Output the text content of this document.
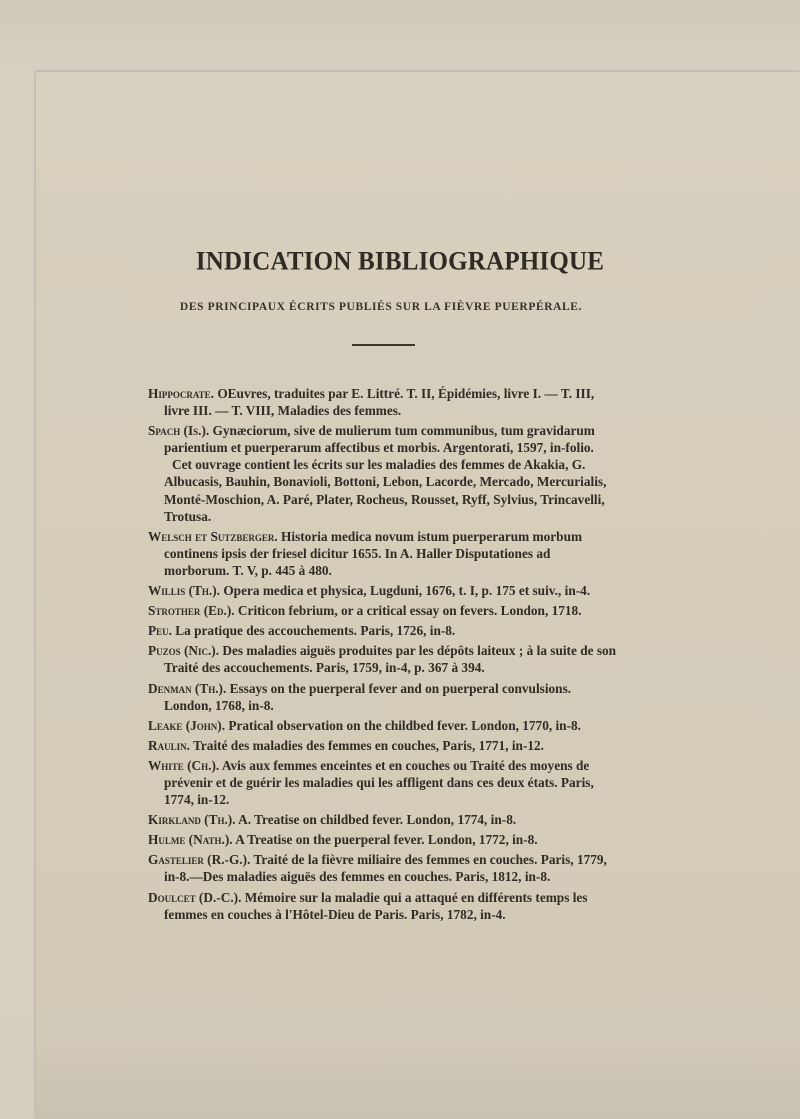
INDICATION BIBLIOGRAPHIQUE
DES PRINCIPAUX ÉCRITS PUBLIÉS SUR LA FIÈVRE PUERPÉRALE.
Hippocrate. OEuvres, traduites par E. Littré. T. II, Épidémies, livre I. — T. III, livre III. — T. VIII, Maladies des femmes.
Spach (Is.). Gynæciorum, sive de mulierum tum communibus, tum gravidarum parientium et puerperarum affectibus et morbis. Argentorati, 1597, in-folio.
Cet ouvrage contient les écrits sur les maladies des femmes de Akakia, G. Albucasis, Bauhin, Bonavioli, Bottoni, Lebon, Lacorde, Mercado, Mercurialis, Monté-Moschion, A. Paré, Plater, Rocheus, Rousset, Ryff, Sylvius, Trincavelli, Trotusa.
Welsch et Sutzberger. Historia medica novum istum puerperarum morbum continens ipsis der friesel dicitur 1655. In A. Haller Disputationes ad morborum. T. V, p. 445 à 480.
Willis (Th.). Opera medica et physica, Lugduni, 1676, t. I, p. 175 et suiv., in-4.
Strother (Ed.). Criticon febrium, or a critical essay on fevers. London, 1718.
Peu. La pratique des accouchements. Paris, 1726, in-8.
Puzos (Nic.). Des maladies aiguës produites par les dépôts laiteux ; à la suite de son Traité des accouchements. Paris, 1759, in-4, p. 367 à 394.
Denman (Th.). Essays on the puerperal fever and on puerperal convulsions. London, 1768, in-8.
Leake (John). Pratical observation on the childbed fever. London, 1770, in-8.
Raulin. Traité des maladies des femmes en couches, Paris, 1771, in-12.
White (Ch.). Avis aux femmes enceintes et en couches ou Traité des moyens de prévenir et de guérir les maladies qui les affligent dans ces deux états. Paris, 1774, in-12.
Kirkland (Th.). A. Treatise on childbed fever. London, 1774, in-8.
Hulme (Nath.). A Treatise on the puerperal fever. London, 1772, in-8.
Gastelier (R.-G.). Traité de la fièvre miliaire des femmes en couches. Paris, 1779, in-8.—Des maladies aiguës des femmes en couches. Paris, 1812, in-8.
Doulcet (D.-C.). Mémoire sur la maladie qui a attaqué en différents temps les femmes en couches à l'Hôtel-Dieu de Paris. Paris, 1782, in-4.
